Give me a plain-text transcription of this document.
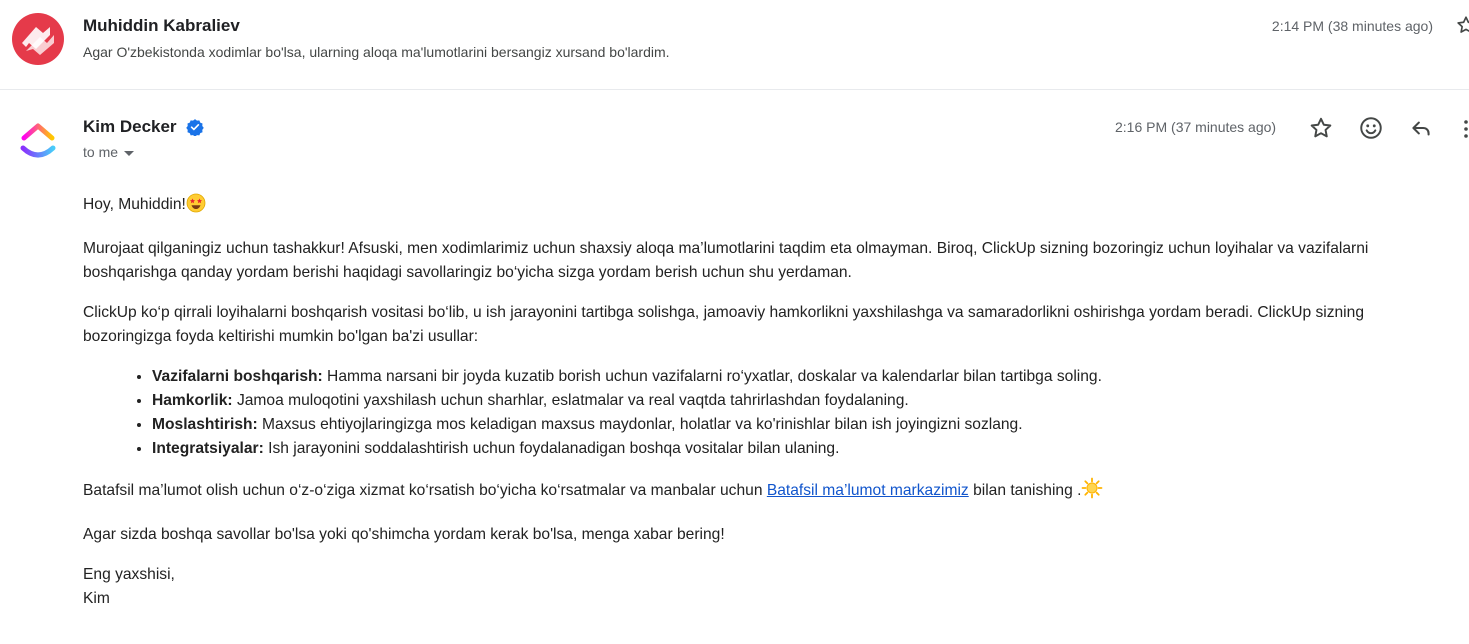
Muhiddin Kabraliev
Agar O'zbekistonda xodimlar bo'lsa, ularning aloqa ma'lumotlarini bersangiz xursand bo'lardim.
2:14 PM (38 minutes ago)
Kim Decker
to me
2:16 PM (37 minutes ago)

Hoy, Muhiddin!

Murojaat qilganingiz uchun tashakkur! Afsuski, men xodimlarimiz uchun shaxsiy aloqa ma’lumotlarini taqdim eta olmayman. Biroq, ClickUp sizning bozoringiz uchun loyihalar va vazifalarni boshqarishga qanday yordam berishi haqidagi savollaringiz bo‘yicha sizga yordam berish uchun shu yerdaman.

ClickUp ko‘p qirrali loyihalarni boshqarish vositasi bo‘lib, u ish jarayonini tartibga solishga, jamoaviy hamkorlikni yaxshilashga va samaradorlikni oshirishga yordam beradi. ClickUp sizning bozoringizga foyda keltirishi mumkin bo'lgan ba'zi usullar:

• Vazifalarni boshqarish: Hamma narsani bir joyda kuzatib borish uchun vazifalarni ro‘yxatlar, doskalar va kalendarlar bilan tartibga soling.
• Hamkorlik: Jamoa muloqotini yaxshilash uchun sharhlar, eslatmalar va real vaqtda tahrirlashdan foydalaning.
• Moslashtirish: Maxsus ehtiyojlaringizga mos keladigan maxsus maydonlar, holatlar va ko'rinishlar bilan ish joyingizni sozlang.
• Integratsiyalar: Ish jarayonini soddalashtirish uchun foydalanadigan boshqa vositalar bilan ulaning.

Batafsil ma’lumot olish uchun o‘z-o‘ziga xizmat ko‘rsatish bo‘yicha ko‘rsatmalar va manbalar uchun Batafsil ma’lumot markazimiz bilan tanishing .

Agar sizda boshqa savollar bo'lsa yoki qo'shimcha yordam kerak bo'lsa, menga xabar bering!

Eng yaxshisi,
Kim
